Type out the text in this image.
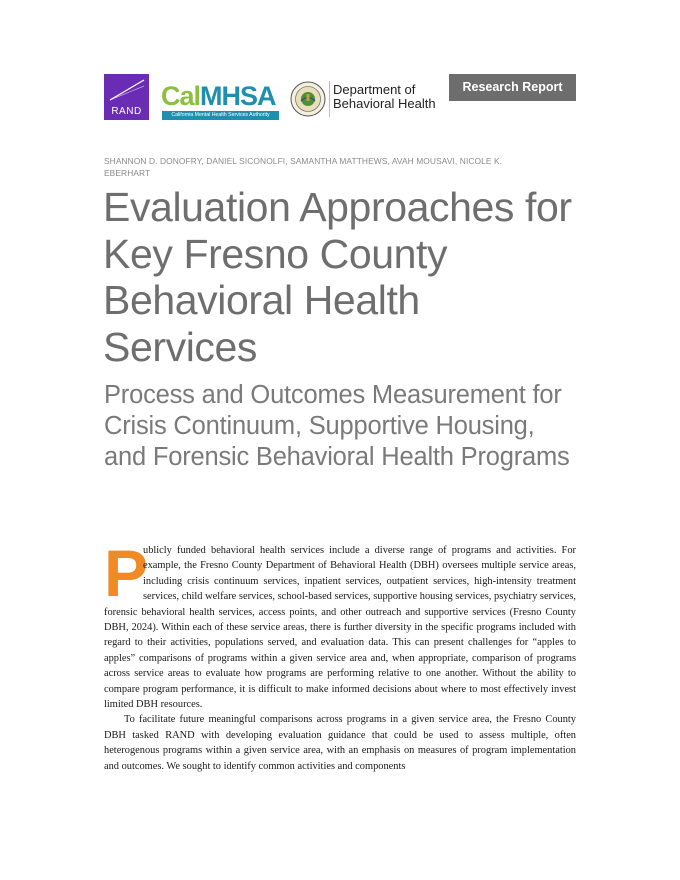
RAND
CalMHSA
California Mental Health Services Authority
Department of
Behavioral Health
Research Report
SHANNON D. DONOFRY, DANIEL SICONOLFI, SAMANTHA MATTHEWS, AVAH MOUSAVI, NICOLE K. EBERHART
Evaluation Approaches for Key Fresno County Behavioral Health Services
Process and Outcomes Measurement for Crisis Continuum, Supportive Housing, and Forensic Behavioral Health Programs

P
ublicly funded behavioral health services include a diverse range of programs and activities. For example, the Fresno County Department of Behavioral Health (DBH) oversees multiple service areas, including crisis continuum services, inpatient services, outpatient services, high-intensity treatment services, child welfare services, school-based services, supportive housing services, psychiatry services, forensic behavioral health services, access points, and other outreach and supportive services (Fresno County DBH, 2024). Within each of these service areas, there is further diversity in the specific programs included with regard to their activities, populations served, and evaluation data. This can present challenges for “apples to apples” comparisons of programs within a given service area and, when appropriate, comparison of programs across service areas to evaluate how programs are performing relative to one another. Without the ability to compare program performance, it is difficult to make informed decisions about where to most effectively invest limited DBH resources.

To facilitate future meaningful comparisons across programs in a given service area, the Fresno County DBH tasked RAND with developing evaluation guidance that could be used to assess multiple, often heterogenous programs within a given service area, with an emphasis on measures of program implementation and outcomes. We sought to identify common activities and components
